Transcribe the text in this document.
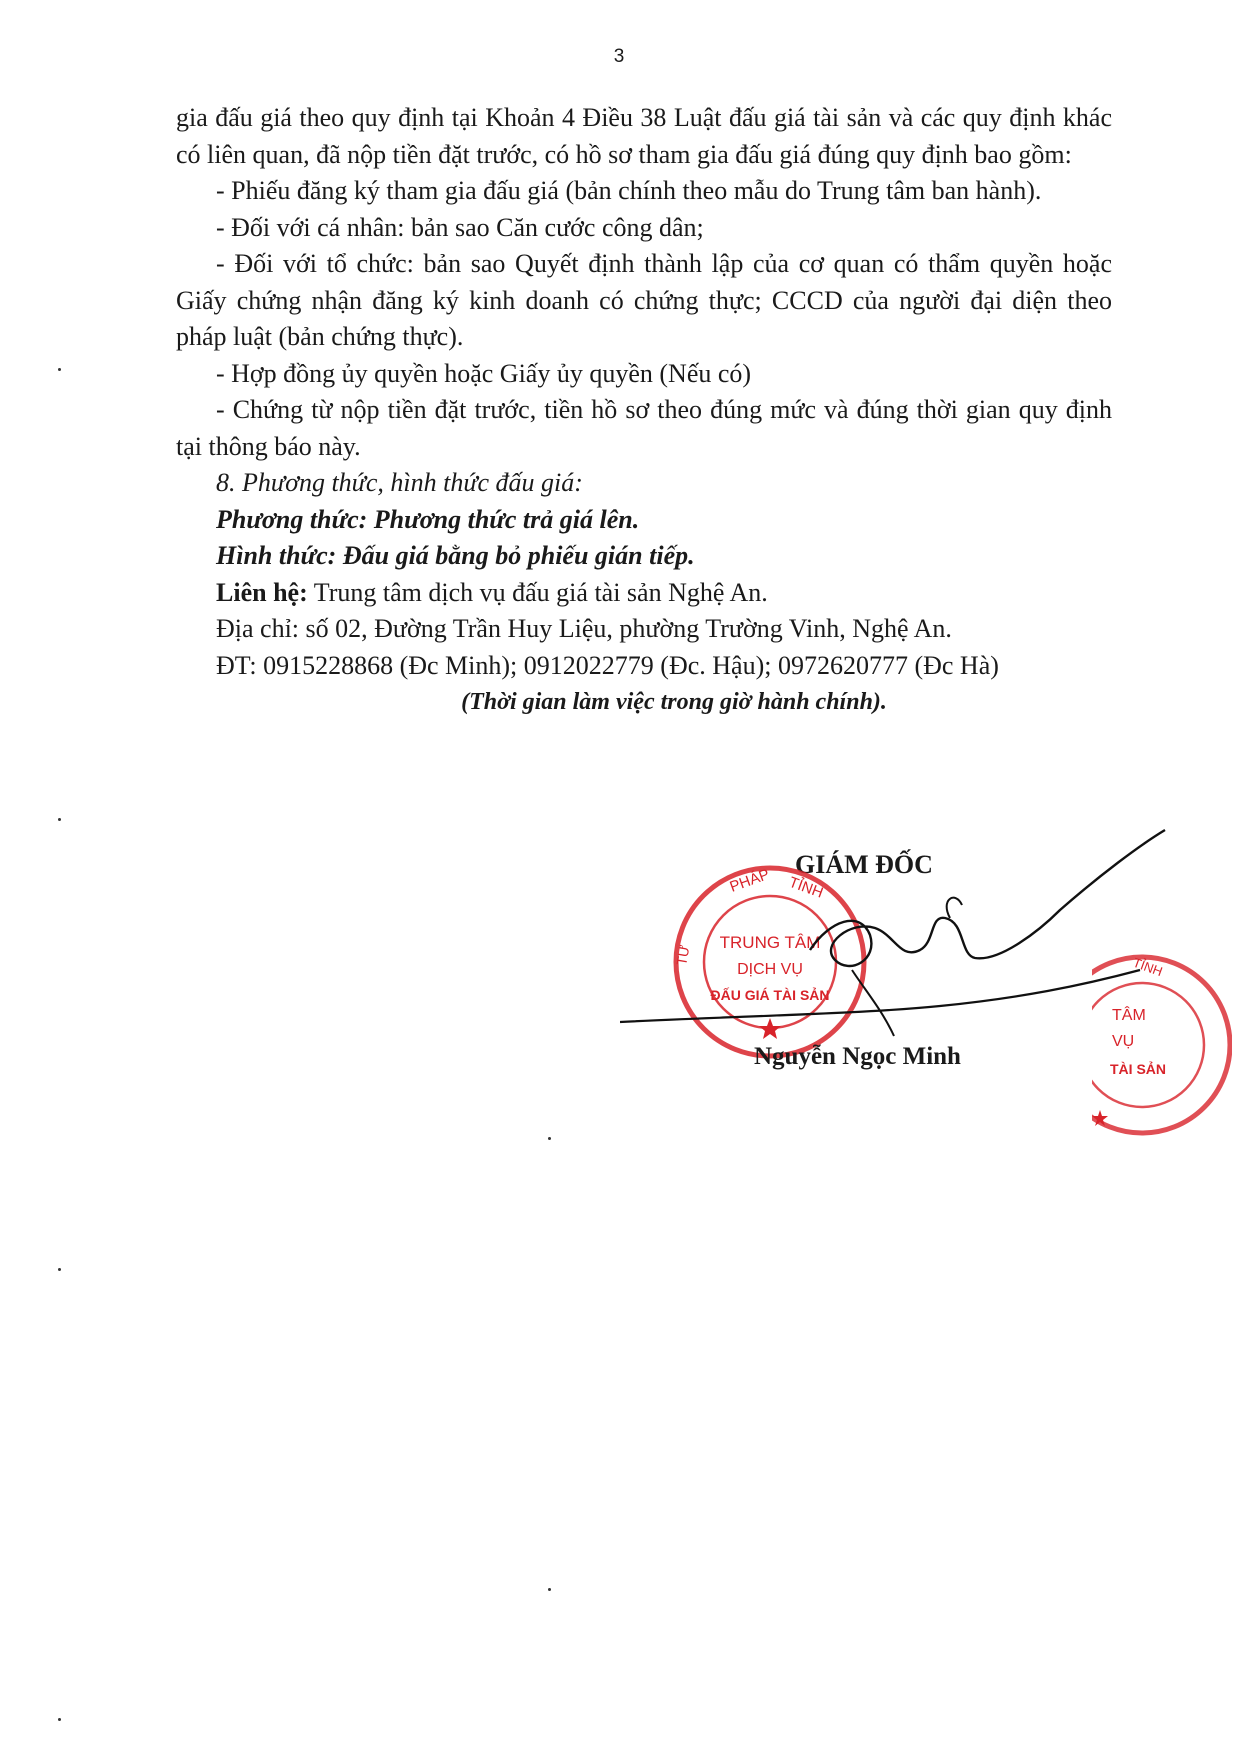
3

gia đấu giá theo quy định tại Khoản 4 Điều 38 Luật đấu giá tài sản và các quy định khác có liên quan, đã nộp tiền đặt trước, có hồ sơ tham gia đấu giá đúng quy định bao gồm:

- Phiếu đăng ký tham gia đấu giá (bản chính theo mẫu do Trung tâm ban hành).

- Đối với cá nhân: bản sao Căn cước công dân;

- Đối với tổ chức: bản sao Quyết định thành lập của cơ quan có thẩm quyền hoặc Giấy chứng nhận đăng ký kinh doanh có chứng thực; CCCD của người đại diện theo pháp luật (bản chứng thực).

- Hợp đồng ủy quyền hoặc Giấy ủy quyền (Nếu có)

- Chứng từ nộp tiền đặt trước, tiền hồ sơ theo đúng mức và đúng thời gian quy định tại thông báo này.

8. Phương thức, hình thức đấu giá:

Phương thức: Phương thức trả giá lên.

Hình thức: Đấu giá bằng bỏ phiếu gián tiếp.

Liên hệ: Trung tâm dịch vụ đấu giá tài sản Nghệ An.

Địa chỉ: số 02, Đường Trần Huy Liệu, phường Trường Vinh, Nghệ An.

ĐT: 0915228868 (Đc Minh); 0912022779 (Đc. Hậu); 0972620777 (Đc Hà)

(Thời gian làm việc trong giờ hành chính).

GIÁM ĐỐC
PHÁP TỈNH
TƯ
TRUNG TÂM
DỊCH VỤ
ĐẤU GIÁ TÀI SẢN
TỈNH
TÂM
VỤ
TÀI SẢN
Nguyễn Ngọc Minh
